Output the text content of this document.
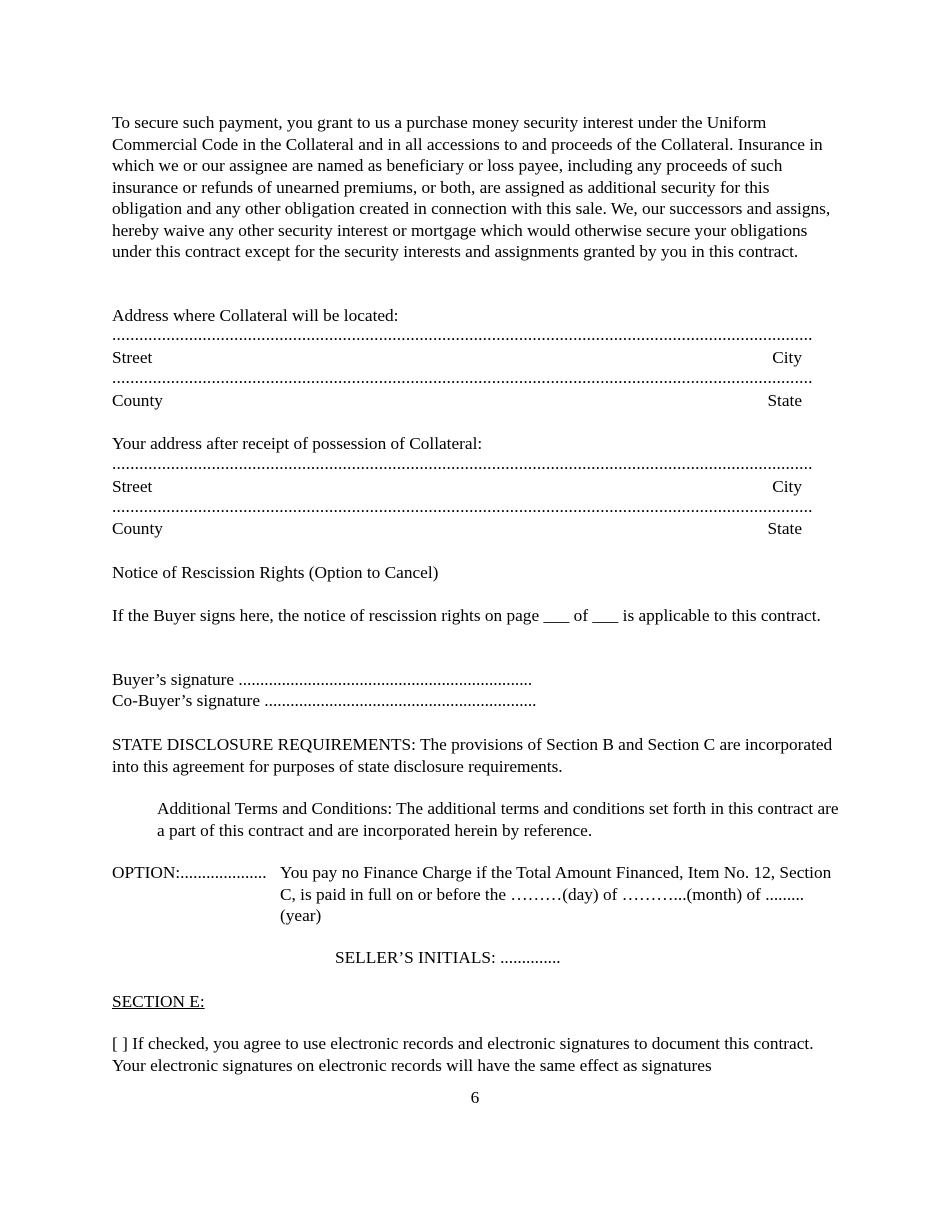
To secure such payment, you grant to us a purchase money security interest under the Uniform Commercial Code in the Collateral and in all accessions to and proceeds of the Collateral. Insurance in which we or our assignee are named as beneficiary or loss payee, including any proceeds of such insurance or refunds of unearned premiums, or both, are assigned as additional security for this obligation and any other obligation created in connection with this sale. We, our successors and assigns, hereby waive any other security interest or mortgage which would otherwise secure your obligations under this contract except for the security interests and assignments granted by you in this contract.

Address where Collateral will be located:

...........................................................................................................................................................
Street	City
...........................................................................................................................................................
County	State

Your address after receipt of possession of Collateral:

...........................................................................................................................................................
Street	City
...........................................................................................................................................................
County	State

Notice of Rescission Rights (Option to Cancel)

If the Buyer signs here, the notice of rescission rights on page ___ of ___ is applicable to this contract.

Buyer’s signature ....................................................................

Co-Buyer’s signature ...............................................................

STATE DISCLOSURE REQUIREMENTS: The provisions of Section B and Section C are incorporated into this agreement for purposes of state disclosure requirements.

Additional Terms and Conditions: The additional terms and conditions set forth in this contract are a part of this contract and are incorporated herein by reference.

OPTION:.................... You pay no Finance Charge if the Total Amount Financed, Item No. 12, Section C, is paid in full on or before the ………(day) of ………...(month) of .........(year)

SELLER’S INITIALS: ..............

SECTION E:

[ ] If checked, you agree to use electronic records and electronic signatures to document this contract. Your electronic signatures on electronic records will have the same effect as signatures

6
